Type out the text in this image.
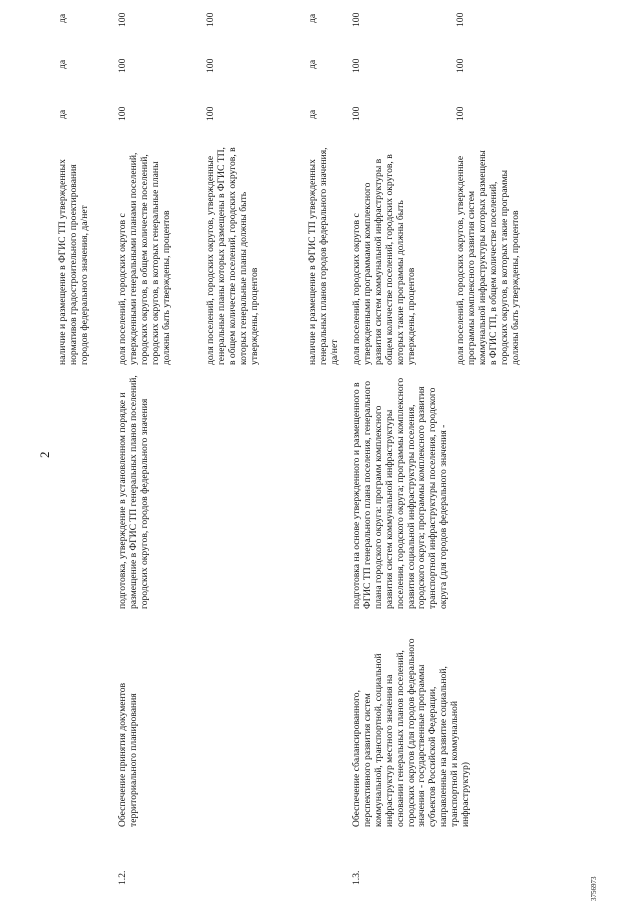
2
наличие и размещение в ФГИС ТП утвержденных нормативов градостроительного проектирования городов федерального значения, да/нет
да
да
да
1.2.
Обеспечение принятия документов территориального планирования
подготовка, утверждение в установленном порядке и размещение в ФГИС ТП генеральных планов поселений, городских округов, городов федерального значения
доля поселений, городских округов с утвержденными генеральными планами поселений, городских округов, в общем количестве поселений, городских округов, в которых генеральные планы должны быть утверждены, процентов
100
100
100
доля поселений, городских округов, утвержденные генеральные планы которых размещены в ФГИС ТП, в общем количестве поселений, городских округов, в которых генеральные планы должны быть утверждены, процентов
100
100
100
наличие и размещение в ФГИС ТП утвержденных генеральных планов городов федерального значения, да/нет
да
да
да
1.3.
Обеспечение сбалансированного, перспективного развития систем коммунальной, транспортной, социальной инфраструктур местного значения на основании генеральных планов поселений, городских округов (для городов федерального значения - государственные программы субъектов Российской Федерации, направленные на развитие социальной, транспортной и коммунальной инфраструктур)
подготовка на основе утвержденного и размещенного в ФГИС ТП генерального плана поселения, генерального плана городского округа: программ комплексного развития систем коммунальной инфраструктуры поселения, городского округа; программы комплексного развития социальной инфраструктуры поселения, городского округа; программы комплексного развития транспортной инфраструктуры поселения, городского округа (для городов федерального значения -
доля поселений, городских округов с утвержденными программами комплексного развития систем коммунальной инфраструктуры в общем количестве поселений, городских округов, в которых такие программы должны быть утверждены, процентов
100
100
100
доля поселений, городских округов, утвержденные программы комплексного развития систем коммунальной инфраструктуры которых размещены в ФГИС ТП, в общем количестве поселений, городских округов, в которых такие программы должны быть утверждены, процентов
100
100
100
3756973
